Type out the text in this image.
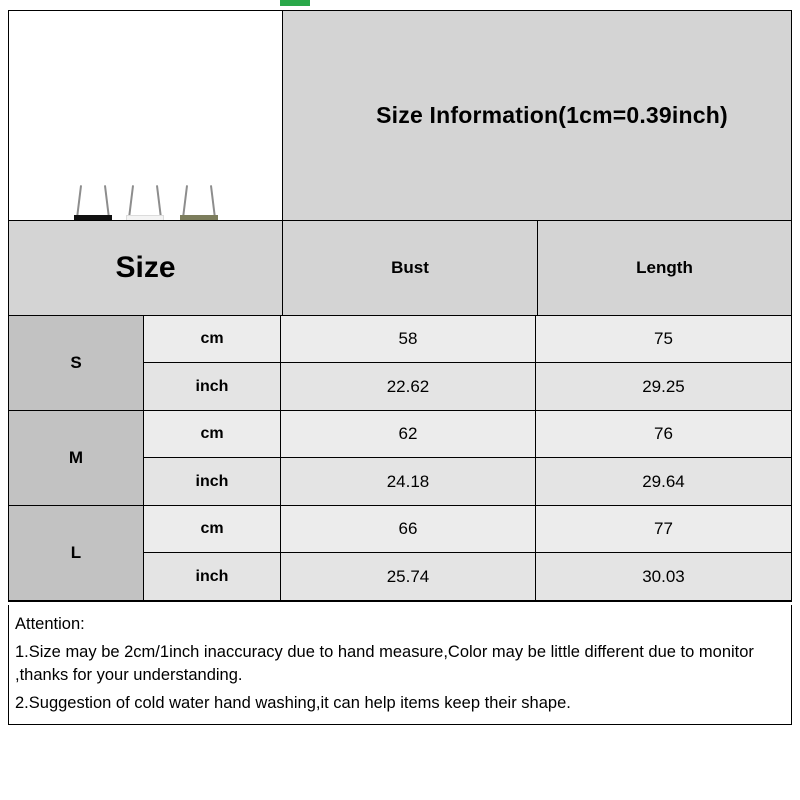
Size Information(1cm=0.39inch)
Size	Bust	Length
S
cm	58	75
inch	22.62	29.25
M
cm	62	76
inch	24.18	29.64
L
cm	66	77
inch	25.74	30.03

Attention:

1.Size may be 2cm/1inch inaccuracy due to hand measure,Color may be little different due to monitor ,thanks for your understanding.

2.Suggestion of cold water hand washing,it can help items keep their shape.
